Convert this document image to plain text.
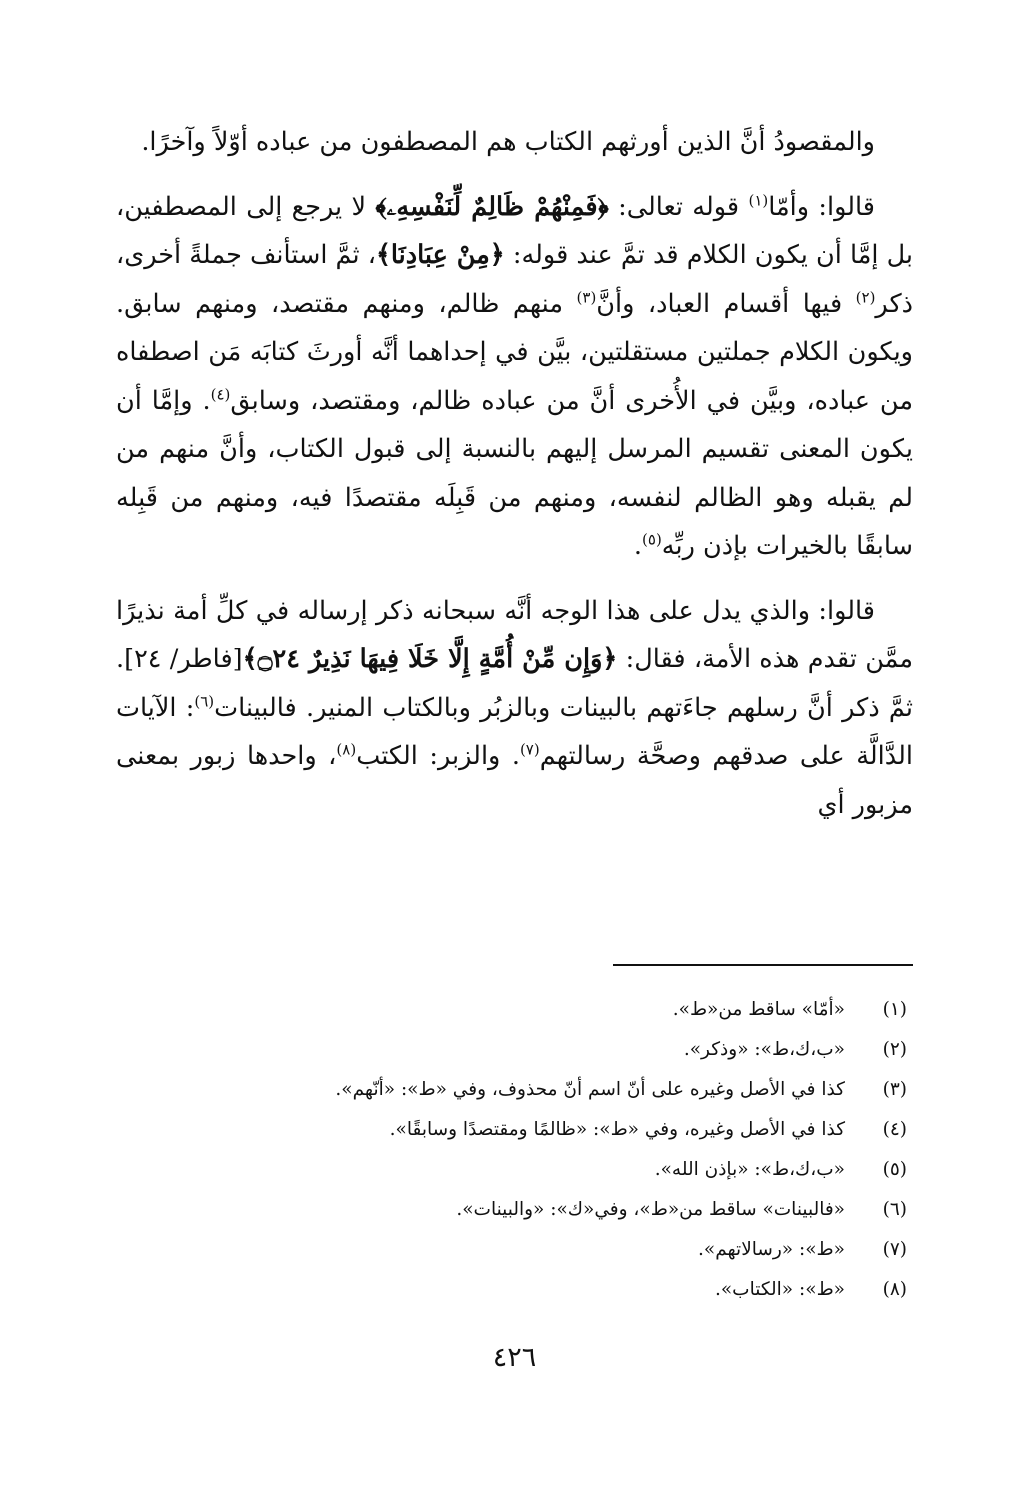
والمقصودُ أنَّ الذين أورثهم الكتاب هم المصطفون من عباده أوّلاً وآخرًا.

قالوا: وأمّا$^{(١)}$ قوله تعالى: ﴿فَمِنْهُمْ ظَالِمٌ لِّنَفْسِهِۦ﴾ لا يرجع إلى المصطفين، بل إمَّا أن يكون الكلام قد تمَّ عند قوله: ﴿مِنْ عِبَادِنَا﴾، ثمَّ استأنف جملةً أخرى، ذكر$^{(٢)}$ فيها أقسام العباد، وأنَّ$^{(٣)}$ منهم ظالم، ومنهم مقتصد، ومنهم سابق. ويكون الكلام جملتين مستقلتين، بيَّن في إحداهما أنَّه أورثَ كتابَه مَن اصطفاه من عباده، وبيَّن في الأُخرى أنَّ من عباده ظالم، ومقتصد، وسابق$^{(٤)}$. وإمَّا أن يكون المعنى تقسيم المرسل إليهم بالنسبة إلى قبول الكتاب، وأنَّ منهم من لم يقبله وهو الظالم لنفسه، ومنهم من قَبِلَه مقتصدًا فيه، ومنهم من قَبِله سابقًا بالخيرات بإذن ربِّه$^{(٥)}$.

قالوا: والذي يدل على هذا الوجه أنَّه سبحانه ذكر إرساله في كلِّ أمة نذيرًا ممَّن تقدم هذه الأمة، فقال: ﴿وَإِن مِّنْ أُمَّةٍ إِلَّا خَلَا فِيهَا نَذِيرٌ ۝٢٤﴾[فاطر/ ٢٤]. ثمَّ ذكر أنَّ رسلهم جاءَتهم بالبينات وبالزبُر وبالكتاب المنير. فالبينات$^{(٦)}$: الآيات الدَّالَّة على صدقهم وصحَّة رسالتهم$^{(٧)}$. والزبر: الكتب$^{(٨)}$، واحدها زبور بمعنى مزبور أي

(١)
«أمّا» ساقط من«ط».
(٢)
«ب،ك،ط»: «وذكر».
(٣)
كذا في الأصل وغيره على أنّ اسم أنّ محذوف، وفي «ط»: «أنّهم».
(٤)
كذا في الأصل وغيره، وفي «ط»: «ظالمًا ومقتصدًا وسابقًا».
(٥)
«ب،ك،ط»: «بإذن الله».
(٦)
«فالبينات» ساقط من«ط»، وفي«ك»: «والبينات».
(٧)
«ط»: «رسالاتهم».
(٨)
«ط»: «الكتاب».
٤٢٦
